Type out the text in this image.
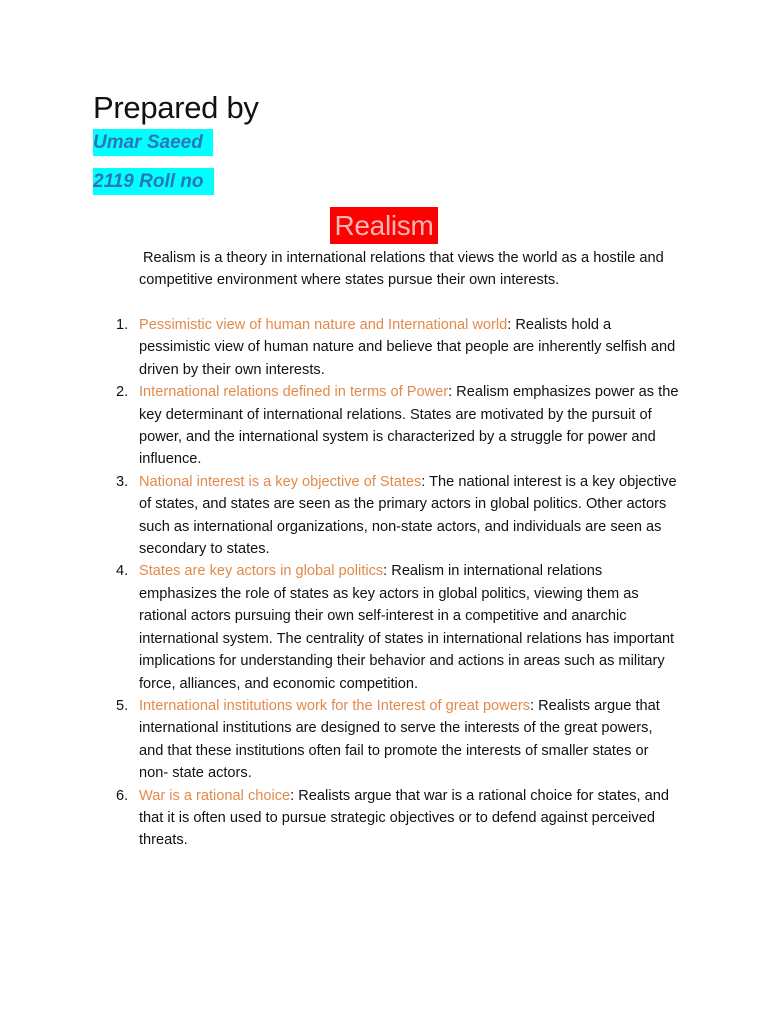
Prepared by
Umar Saeed
2119 Roll no
Realism

Realism is a theory in international relations that views the world as a hostile and competitive environment where states pursue their own interests.

1. Pessimistic view of human nature and International world: Realists hold a pessimistic view of human nature and believe that people are inherently selfish and driven by their own interests.
2. International relations defined in terms of Power: Realism emphasizes power as the key determinant of international relations. States are motivated by the pursuit of power, and the international system is characterized by a struggle for power and influence.
3. National interest is a key objective of States: The national interest is a key objective of states, and states are seen as the primary actors in global politics. Other actors such as international organizations, non-state actors, and individuals are seen as secondary to states.
4. States are key actors in global politics: Realism in international relations emphasizes the role of states as key actors in global politics, viewing them as rational actors pursuing their own self-interest in a competitive and anarchic international system. The centrality of states in international relations has important implications for understanding their behavior and actions in areas such as military force, alliances, and economic competition.
5. International institutions work for the Interest of great powers: Realists argue that international institutions are designed to serve the interests of the great powers, and that these institutions often fail to promote the interests of smaller states or non- state actors.
6. War is a rational choice: Realists argue that war is a rational choice for states, and that it is often used to pursue strategic objectives or to defend against perceived threats.
